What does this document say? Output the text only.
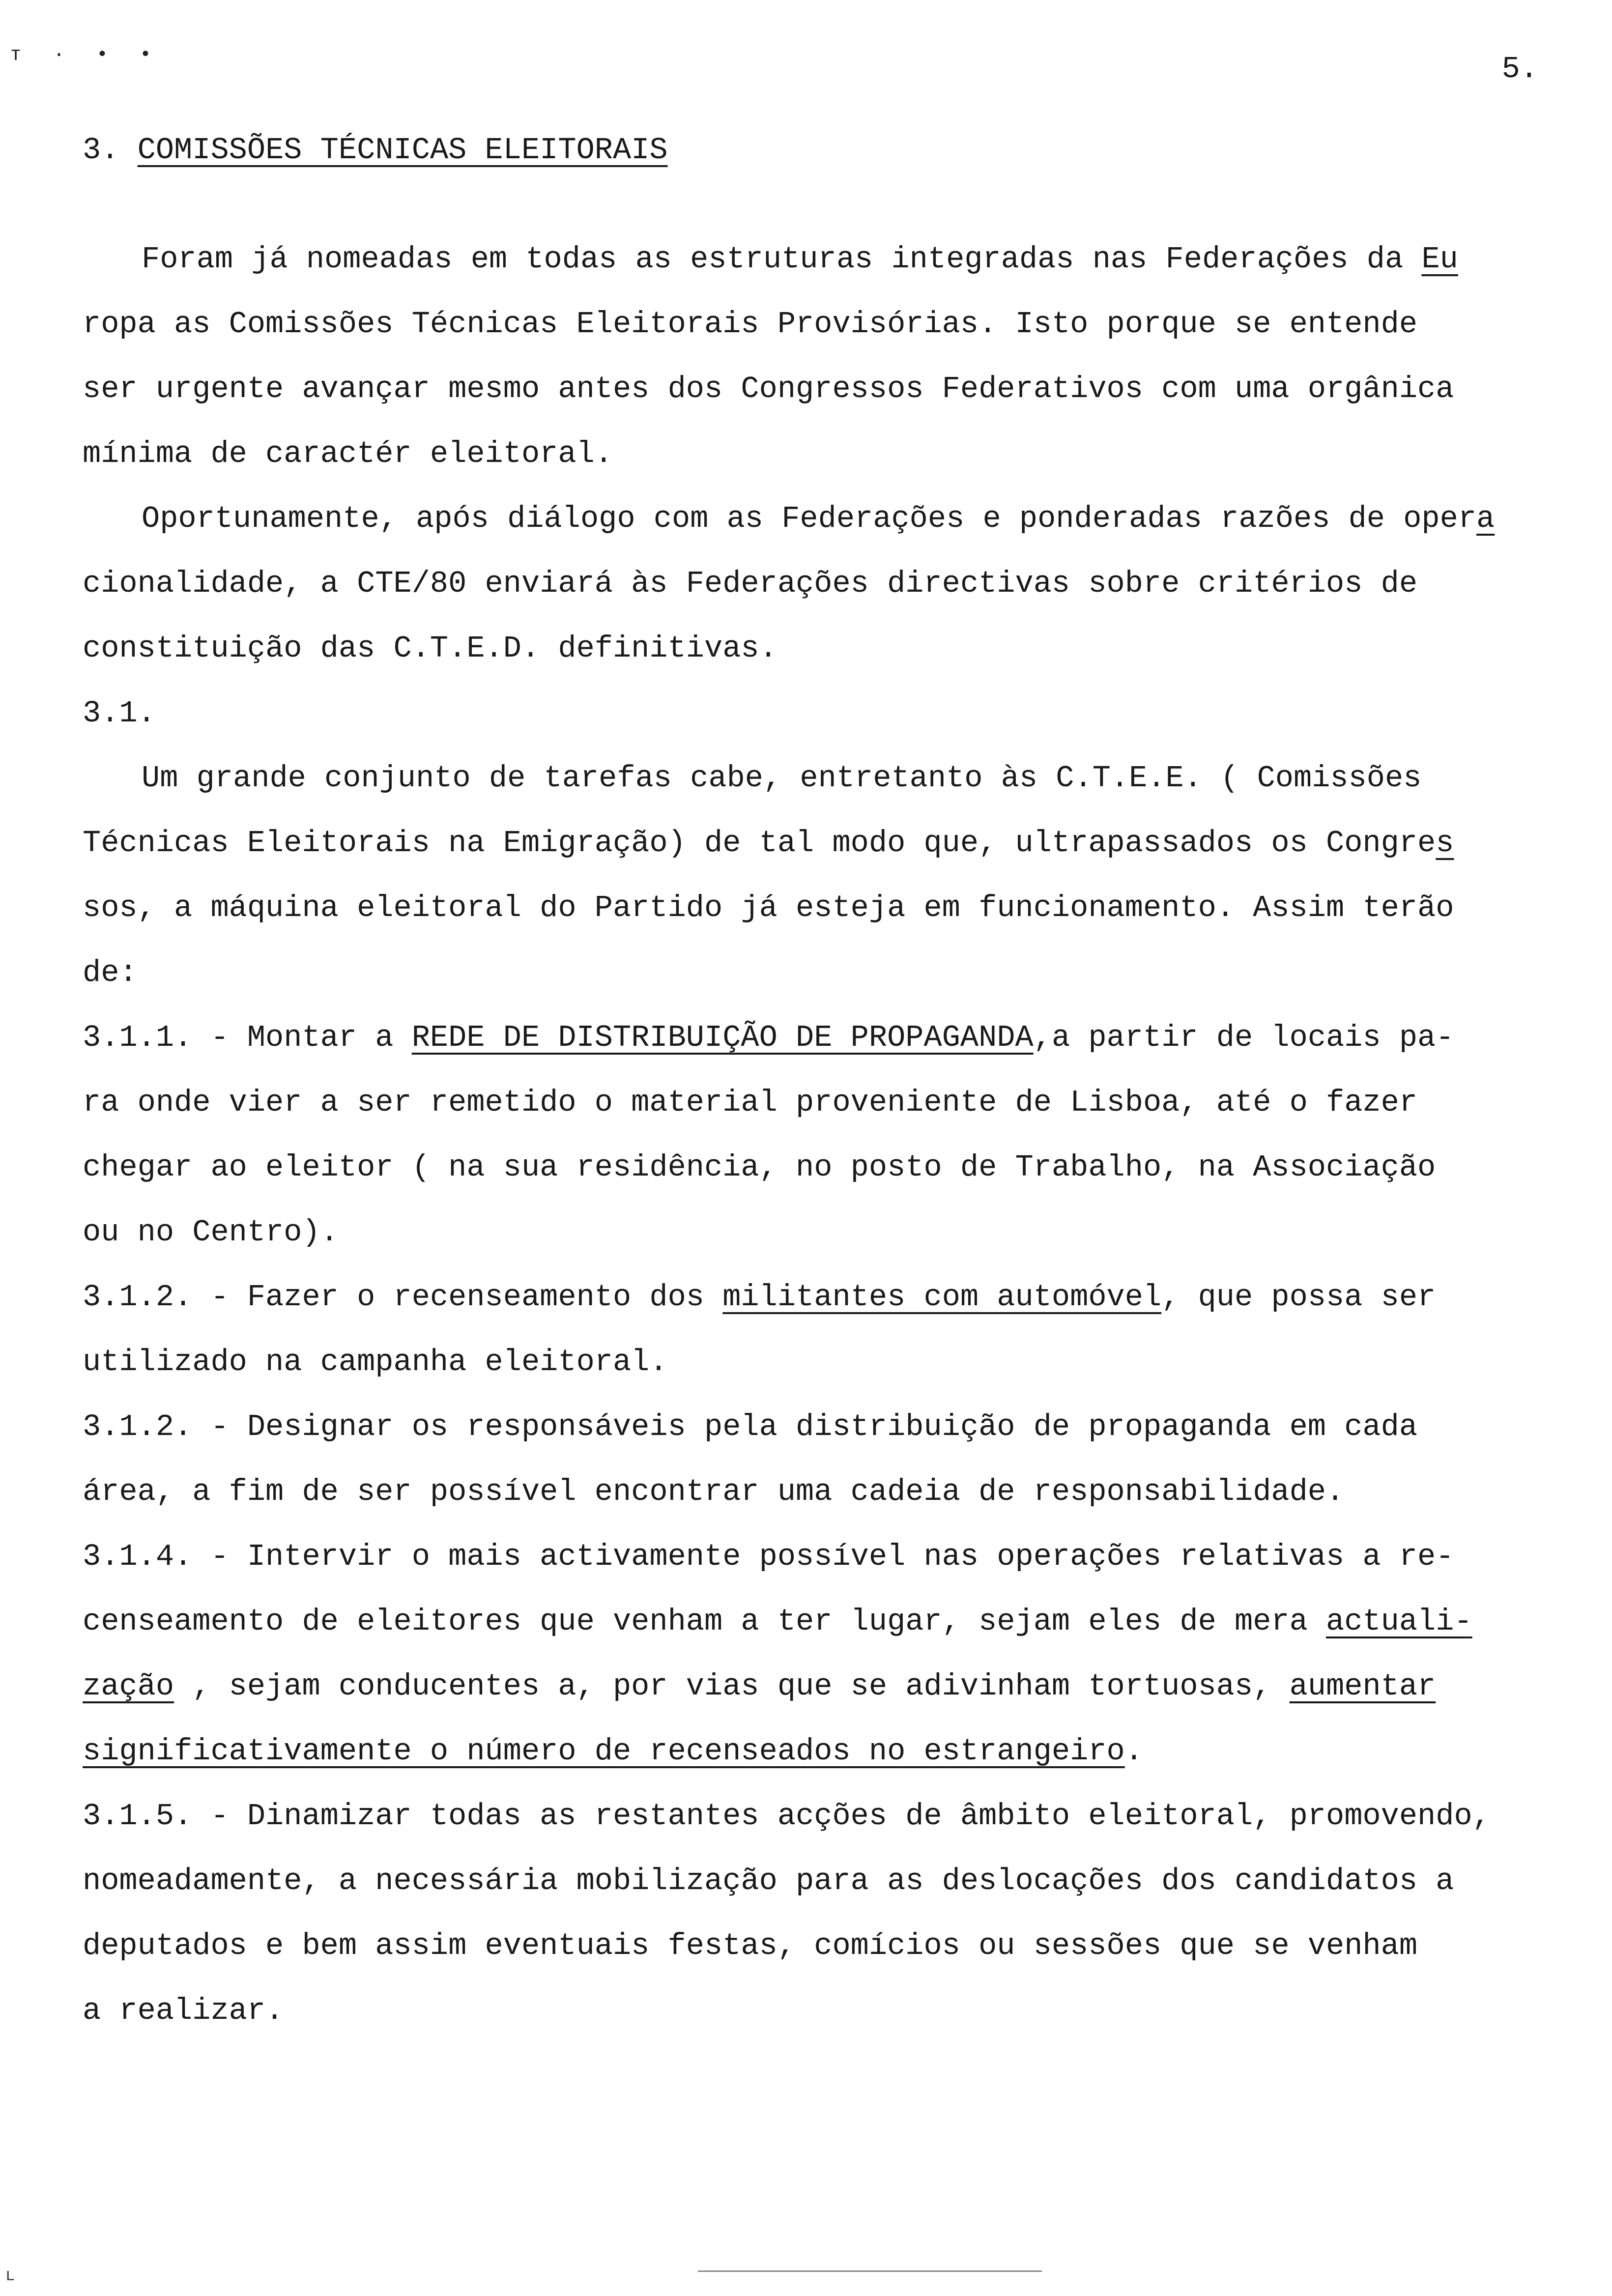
ᴛ · • •	5.
3. COMISSÕES TÉCNICAS ELEITORAIS
Foram já nomeadas em todas as estruturas integradas nas Federações da Eu
ropa as Comissões Técnicas Eleitorais Provisórias. Isto porque se entende
ser urgente avançar mesmo antes dos Congressos Federativos com uma orgânica
mínima de caractér eleitoral.
Oportunamente, após diálogo com as Federações e ponderadas razões de opera
cionalidade, a CTE/80 enviará às Federações directivas sobre critérios de
constituição das C.T.E.D. definitivas.
3.1.
Um grande conjunto de tarefas cabe, entretanto às C.T.E.E. ( Comissões
Técnicas Eleitorais na Emigração) de tal modo que, ultrapassados os Congres
sos, a máquina eleitoral do Partido já esteja em funcionamento. Assim terão
de:
3.1.1. - Montar a REDE DE DISTRIBUIÇÃO DE PROPAGANDA,a partir de locais pa-
ra onde vier a ser remetido o material proveniente de Lisboa, até o fazer
chegar ao eleitor ( na sua residência, no posto de Trabalho, na Associação
ou no Centro).
3.1.2. - Fazer o recenseamento dos militantes com automóvel, que possa ser
utilizado na campanha eleitoral.
3.1.2. - Designar os responsáveis pela distribuição de propaganda em cada
área, a fim de ser possível encontrar uma cadeia de responsabilidade.
3.1.4. - Intervir o mais activamente possível nas operações relativas a re-
censeamento de eleitores que venham a ter lugar, sejam eles de mera actuali-
zação , sejam conducentes a, por vias que se adivinham tortuosas, aumentar
significativamente o número de recenseados no estrangeiro.
3.1.5. - Dinamizar todas as restantes acções de âmbito eleitoral, promovendo,
nomeadamente, a necessária mobilização para as deslocações dos candidatos a
deputados e bem assim eventuais festas, comícios ou sessões que se venham
a realizar.
ʟ
